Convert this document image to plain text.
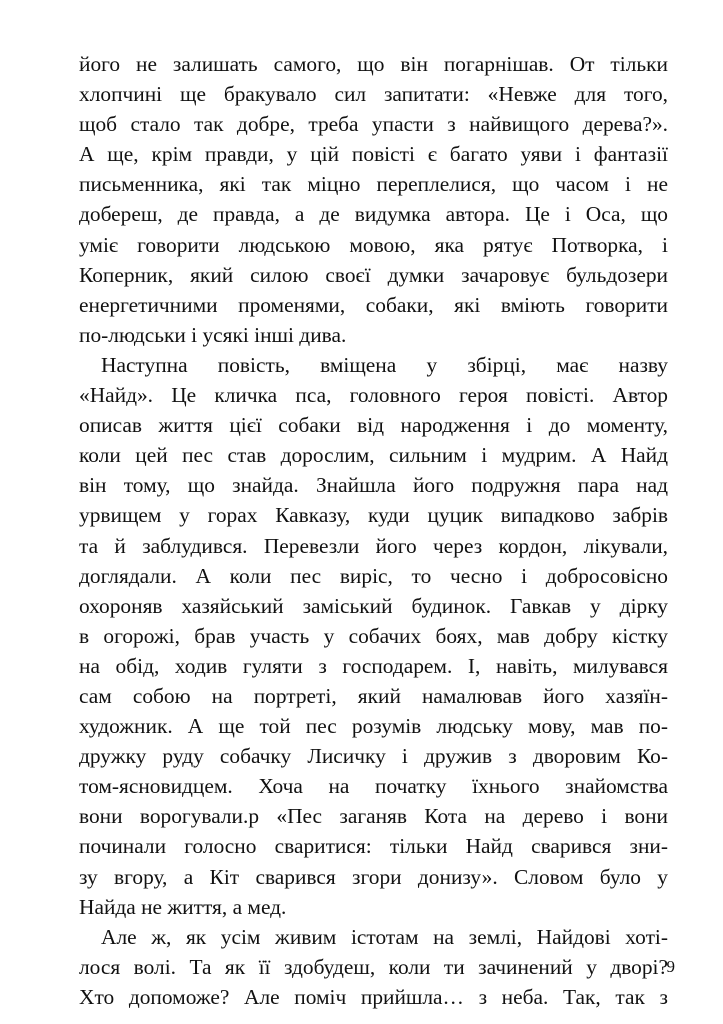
його не залишать самого, що він погарнішав. От тільки
хлопчині ще бракувало сил запитати: «Невже для того,
щоб стало так добре, треба упасти з найвищого дерева?».
А ще, крім правди, у цій повісті є багато уяви і фантазії
письменника, які так міцно переплелися, що часом і не
добереш, де правда, а де видумка автора. Це і Оса, що
уміє говорити людською мовою, яка рятує Потворка, і
Коперник, який силою своєї думки зачаровує бульдозери
енергетичними променями, собаки, які вміють говорити
по-людськи і усякі інші дива.
Наступна повість, вміщена у збірці, має назву
«Найд». Це кличка пса, головного героя повісті. Автор
описав життя цієї собаки від народження і до моменту,
коли цей пес став дорослим, сильним і мудрим. А Найд
він тому, що знайда. Знайшла його подружня пара над
урвищем у горах Кавказу, куди цуцик випадково забрів
та й заблудився. Перевезли його через кордон, лікували,
доглядали. А коли пес виріс, то чесно і добросовісно
охороняв хазяйський заміський будинок. Гавкав у дірку
в огорожі, брав участь у собачих боях, мав добру кістку
на обід, ходив гуляти з господарем. І, навіть, милувався
сам собою на портреті, який намалював його хазяїн-
художник. А ще той пес розумів людську мову, мав по-
дружку руду собачку Лисичку і дружив з дворовим Ко-
том-ясновидцем. Хоча на початку їхнього знайомства
вони ворогували.р «Пес заганяв Кота на дерево і вони
починали голосно сваритися: тільки Найд сварився зни-
зу вгору, а Кіт сварився згори донизу». Словом було у
Найда не життя, а мед.
Але ж, як усім живим істотам на землі, Найдові хоті-
лося волі. Та як її здобудеш, коли ти зачинений у дворі?
Хто допоможе? Але поміч прийшла… з неба. Так, так з
9
